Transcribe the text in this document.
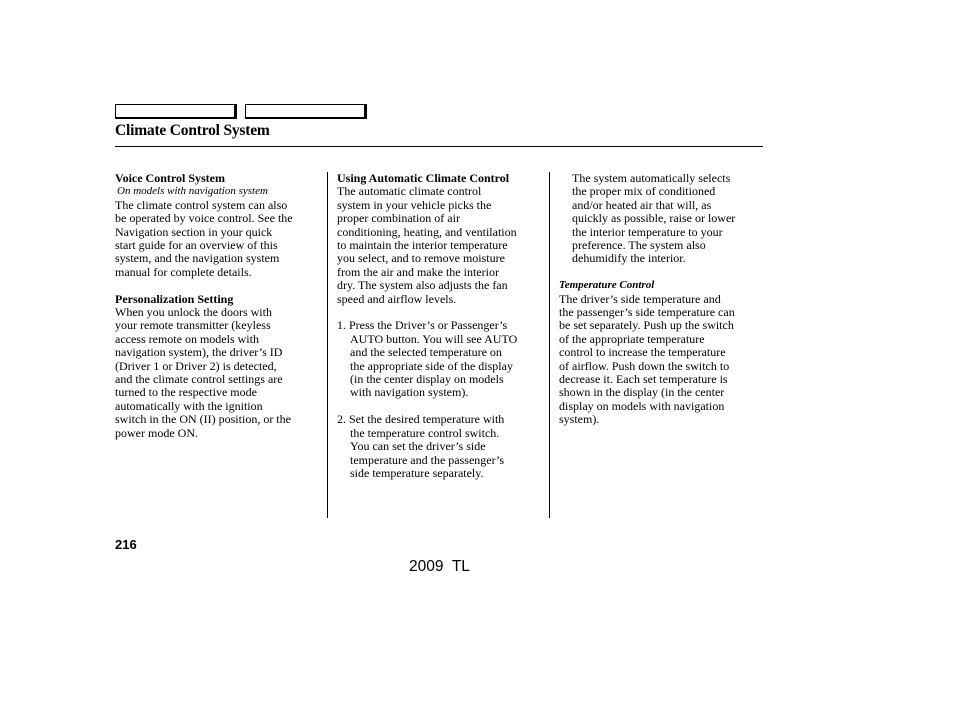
Climate Control System
Voice Control System
On models with navigation system
The climate control system can also
be operated by voice control. See the
Navigation section in your quick
start guide for an overview of this
system, and the navigation system
manual for complete details.
Personalization Setting
When you unlock the doors with
your remote transmitter (keyless
access remote on models with
navigation system), the driver’s ID
(Driver 1 or Driver 2) is detected,
and the climate control settings are
turned to the respective mode
automatically with the ignition
switch in the ON (II) position, or the
power mode ON.
Using Automatic Climate Control
The automatic climate control
system in your vehicle picks the
proper combination of air
conditioning, heating, and ventilation
to maintain the interior temperature
you select, and to remove moisture
from the air and make the interior
dry. The system also adjusts the fan
speed and airflow levels.
1. Press the Driver’s or Passenger’s
AUTO button. You will see AUTO
and the selected temperature on
the appropriate side of the display
(in the center display on models
with navigation system).
2. Set the desired temperature with
the temperature control switch.
You can set the driver’s side
temperature and the passenger’s
side temperature separately.
The system automatically selects
the proper mix of conditioned
and/or heated air that will, as
quickly as possible, raise or lower
the interior temperature to your
preference. The system also
dehumidify the interior.
Temperature Control
The driver’s side temperature and
the passenger’s side temperature can
be set separately. Push up the switch
of the appropriate temperature
control to increase the temperature
of airflow. Push down the switch to
decrease it. Each set temperature is
shown in the display (in the center
display on models with navigation
system).
216
2009  TL
